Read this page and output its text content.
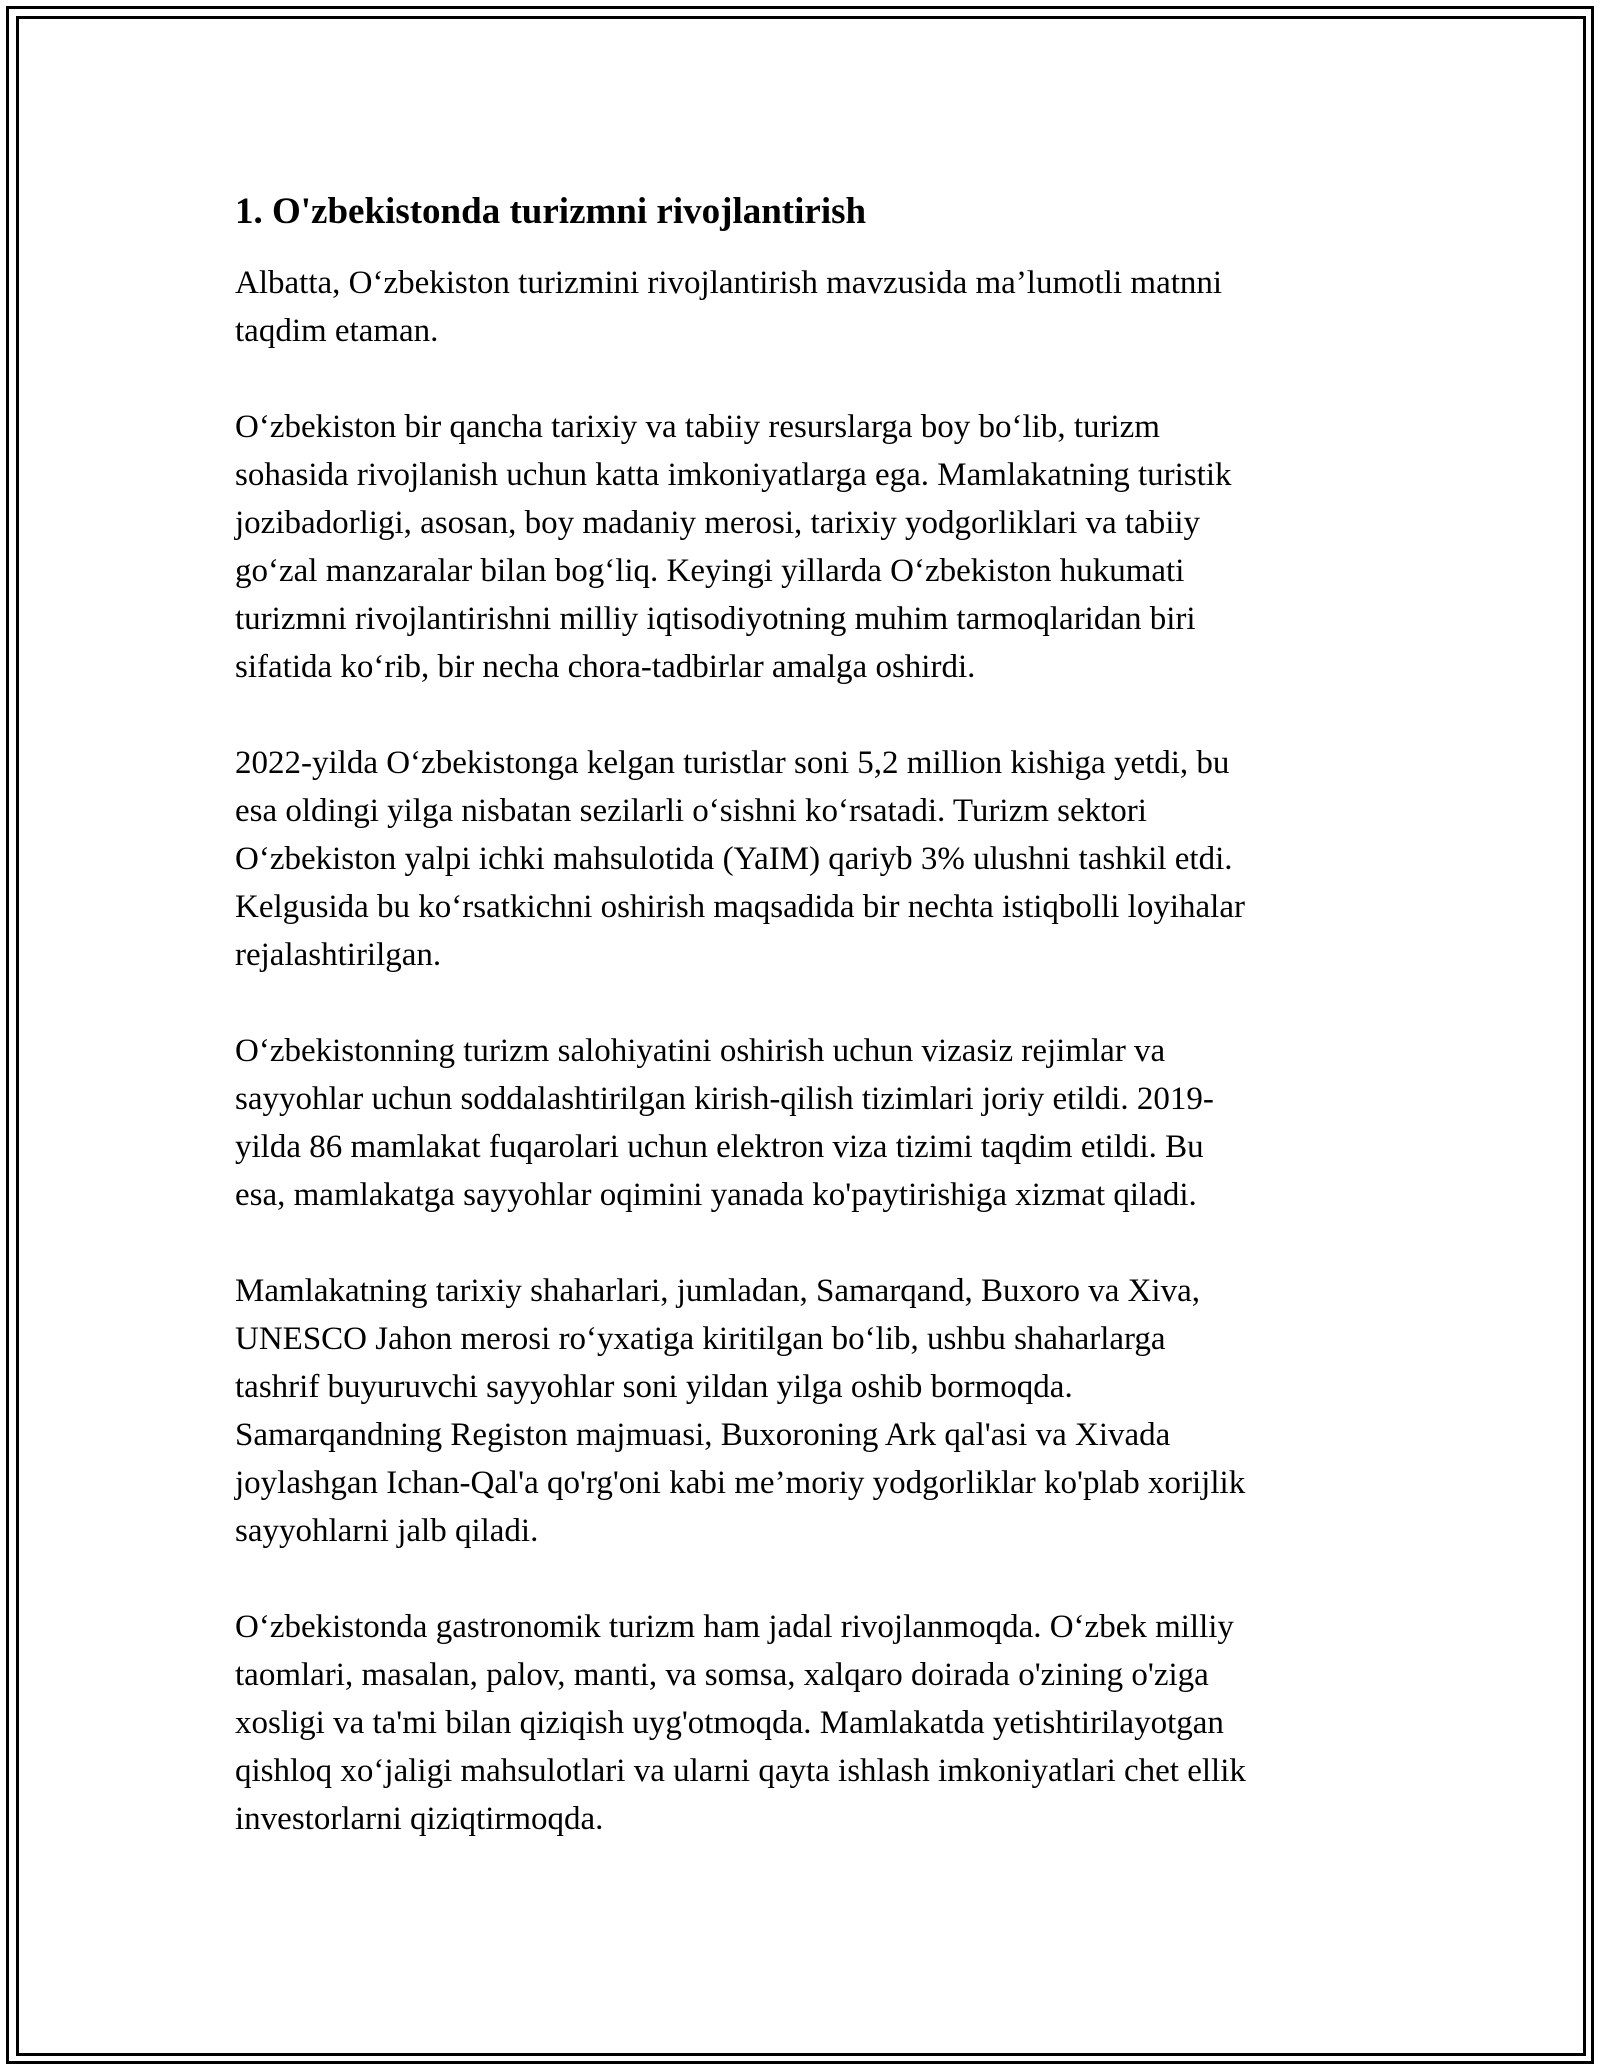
1. O'zbekistonda turizmni rivojlantirish

Albatta, O‘zbekiston turizmini rivojlantirish mavzusida ma’lumotli matnni
taqdim etaman.

O‘zbekiston bir qancha tarixiy va tabiiy resurslarga boy bo‘lib, turizm
sohasida rivojlanish uchun katta imkoniyatlarga ega. Mamlakatning turistik
jozibadorligi, asosan, boy madaniy merosi, tarixiy yodgorliklari va tabiiy
go‘zal manzaralar bilan bog‘liq. Keyingi yillarda O‘zbekiston hukumati
turizmni rivojlantirishni milliy iqtisodiyotning muhim tarmoqlaridan biri
sifatida ko‘rib, bir necha chora-tadbirlar amalga oshirdi.

2022-yilda O‘zbekistonga kelgan turistlar soni 5,2 million kishiga yetdi, bu
esa oldingi yilga nisbatan sezilarli o‘sishni ko‘rsatadi. Turizm sektori
O‘zbekiston yalpi ichki mahsulotida (YaIM) qariyb 3% ulushni tashkil etdi.
Kelgusida bu ko‘rsatkichni oshirish maqsadida bir nechta istiqbolli loyihalar
rejalashtirilgan.

O‘zbekistonning turizm salohiyatini oshirish uchun vizasiz rejimlar va
sayyohlar uchun soddalashtirilgan kirish-qilish tizimlari joriy etildi. 2019-
yilda 86 mamlakat fuqarolari uchun elektron viza tizimi taqdim etildi. Bu
esa, mamlakatga sayyohlar oqimini yanada ko'paytirishiga xizmat qiladi.

Mamlakatning tarixiy shaharlari, jumladan, Samarqand, Buxoro va Xiva,
UNESCO Jahon merosi ro‘yxatiga kiritilgan bo‘lib, ushbu shaharlarga
tashrif buyuruvchi sayyohlar soni yildan yilga oshib bormoqda.
Samarqandning Registon majmuasi, Buxoroning Ark qal'asi va Xivada
joylashgan Ichan-Qal'a qo'rg'oni kabi me’moriy yodgorliklar ko'plab xorijlik
sayyohlarni jalb qiladi.

O‘zbekistonda gastronomik turizm ham jadal rivojlanmoqda. O‘zbek milliy
taomlari, masalan, palov, manti, va somsa, xalqaro doirada o'zining o'ziga
xosligi va ta'mi bilan qiziqish uyg'otmoqda. Mamlakatda yetishtirilayotgan
qishloq xo‘jaligi mahsulotlari va ularni qayta ishlash imkoniyatlari chet ellik
investorlarni qiziqtirmoqda.
